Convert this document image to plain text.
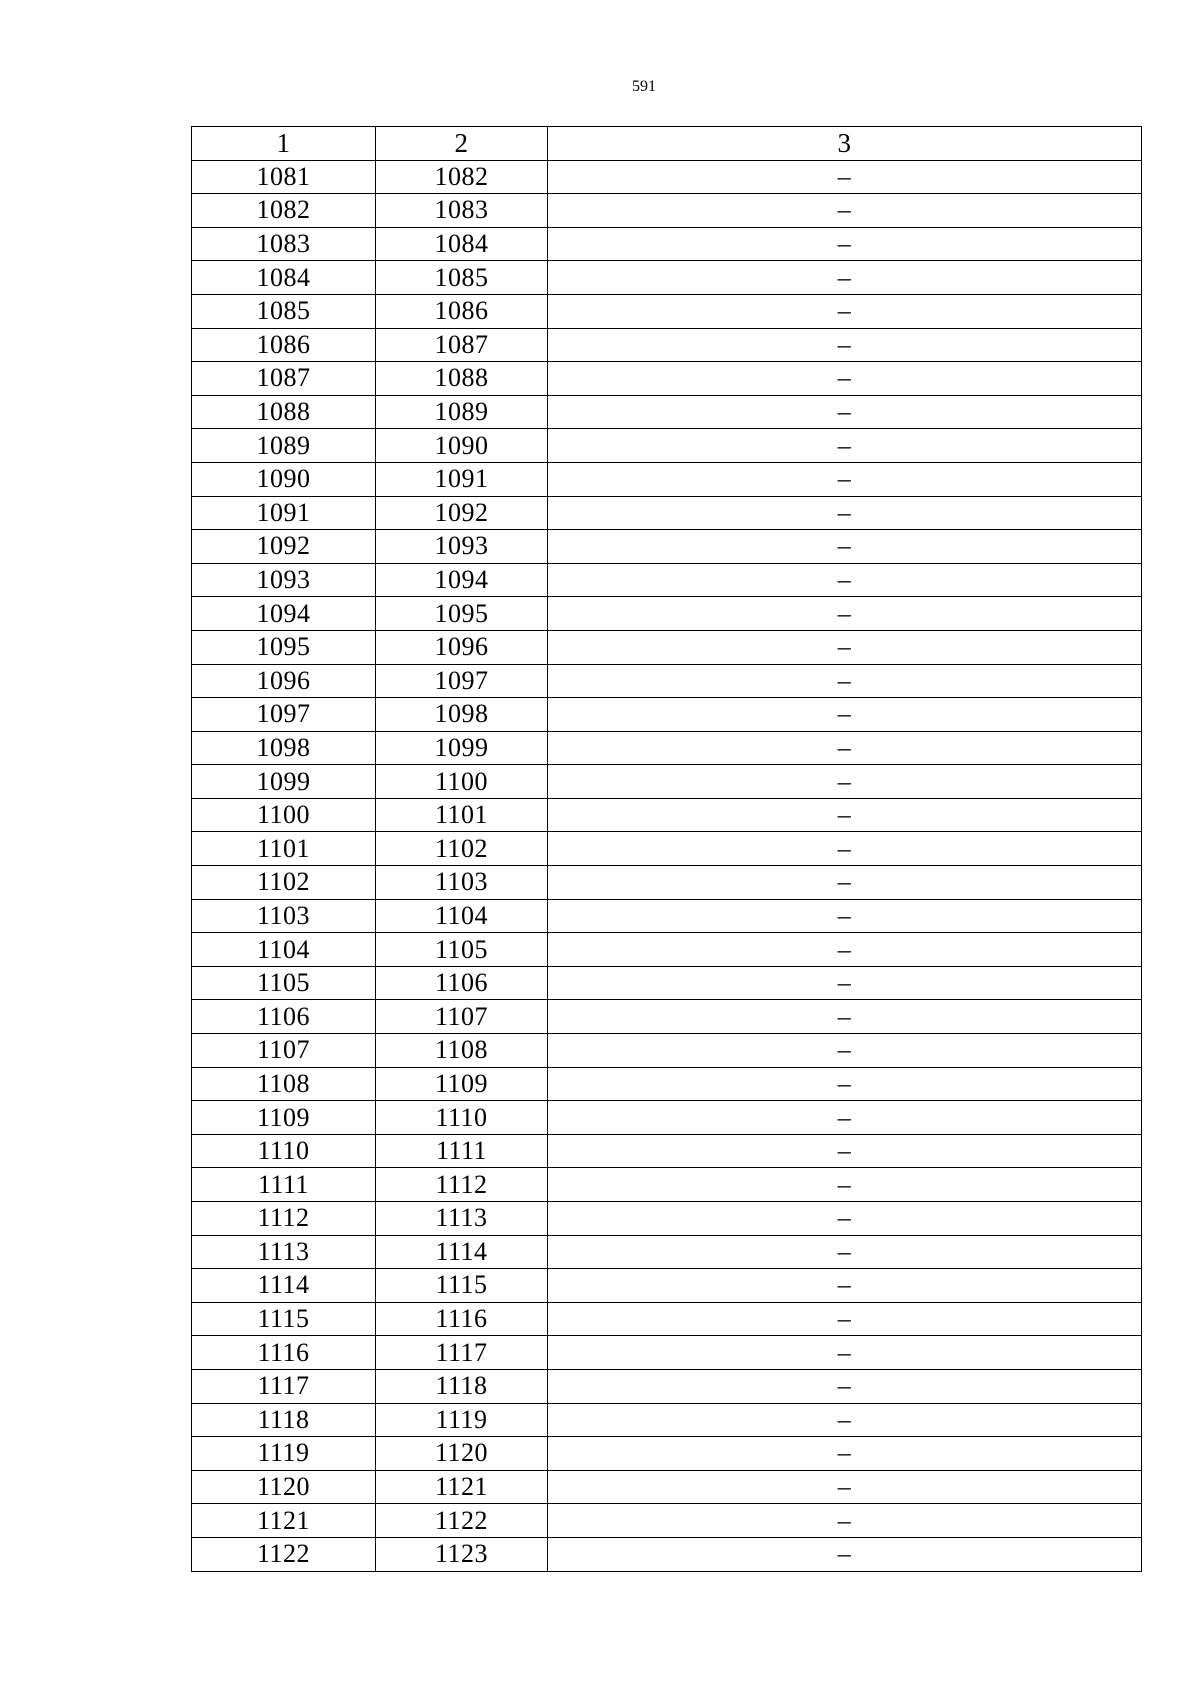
591
1	2	3
1081	1082	–
1082	1083	–
1083	1084	–
1084	1085	–
1085	1086	–
1086	1087	–
1087	1088	–
1088	1089	–
1089	1090	–
1090	1091	–
1091	1092	–
1092	1093	–
1093	1094	–
1094	1095	–
1095	1096	–
1096	1097	–
1097	1098	–
1098	1099	–
1099	1100	–
1100	1101	–
1101	1102	–
1102	1103	–
1103	1104	–
1104	1105	–
1105	1106	–
1106	1107	–
1107	1108	–
1108	1109	–
1109	1110	–
1110	1111	–
1111	1112	–
1112	1113	–
1113	1114	–
1114	1115	–
1115	1116	–
1116	1117	–
1117	1118	–
1118	1119	–
1119	1120	–
1120	1121	–
1121	1122	–
1122	1123	–
